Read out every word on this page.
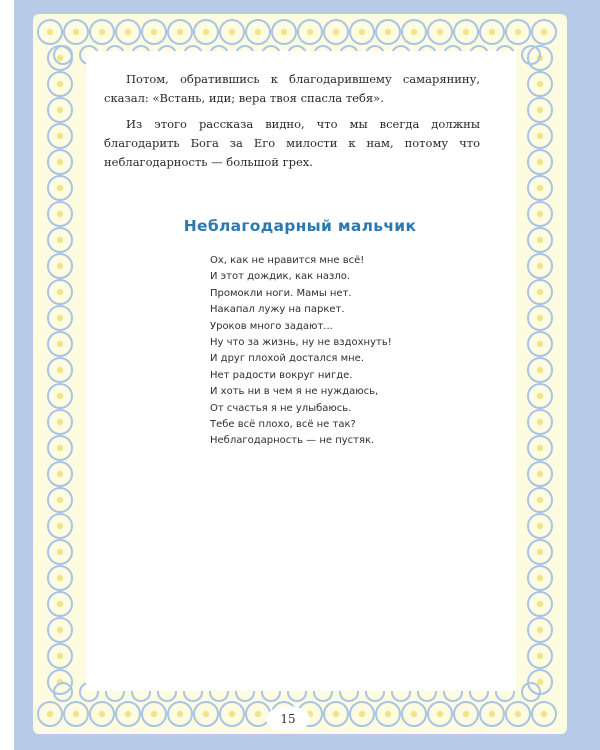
Потом, обратившись к благодарившему самарянину, сказал: «Встань, иди; вера твоя спасла тебя».

Из этого рассказа видно, что мы всегда должны благодарить Бога за Его милости к нам, потому что неблагодарность — большой грех.

Неблагодарный мальчик
Ох, как не нравится мне всё!
И этот дождик, как назло.
Промокли ноги. Мамы нет.
Накапал лужу на паркет.
Уроков много задают...
Ну что за жизнь, ну не вздохнуть!
И друг плохой достался мне.
Нет радости вокруг нигде.
И хоть ни в чем я не нуждаюсь,
От счастья я не улыбаюсь.
Тебе всё плохо, всё не так?
Неблагодарность — не пустяк.
15
